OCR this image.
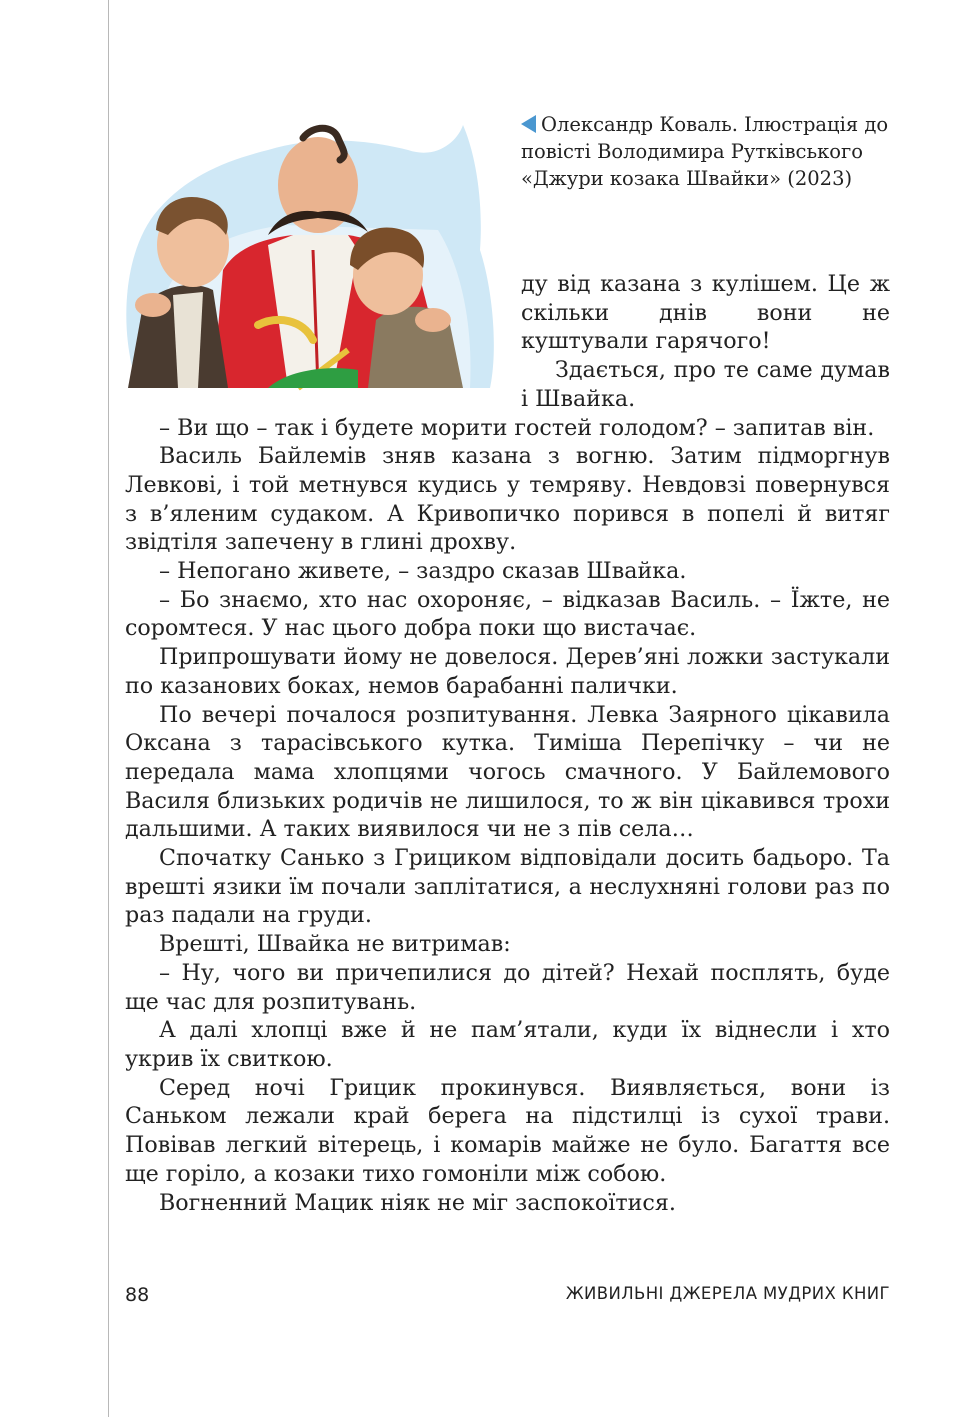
Олександр Коваль. Ілюстрація до повісті Володимира Рутківського «Джури козака Швайки» (2023)

ду від казана з кулішем. Це ж скільки днів вони не куштували гарячого!

Здається, про те саме думав і Швайка.

– Ви що – так і будете морити гостей голодом? – запитав він.

Василь Байлемів зняв казана з вогню. Затим підморгнув Левкові, і той метнувся кудись у темряву. Невдовзі повернувся з в’яленим судаком. А Кривопичко порився в попелі й витяг звідтіля запечену в глині дрохву.

– Непогано живете, – заздро сказав Швайка.

– Бо знаємо, хто нас охороняє, – відказав Василь. – Їжте, не соромтеся. У нас цього добра поки що вистачає.

Припрошувати йому не довелося. Дерев’яні ложки застукали по казанових боках, немов барабанні палички.

По вечері почалося розпитування. Левка Заярного цікавила Оксана з тарасівського кутка. Тиміша Перепічку – чи не передала мама хлопцями чогось смачного. У Байлемового Василя близьких родичів не лишилося, то ж він цікавився трохи дальшими. А таких виявилося чи не з пів села…

Спочатку Санько з Грициком відповідали досить бадьоро. Та врешті язики їм почали заплітатися, а неслухняні голови раз по раз падали на груди.

Врешті, Швайка не витримав:

– Ну, чого ви причепилися до дітей? Нехай посплять, буде ще час для розпитувань.

А далі хлопці вже й не пам’ятали, куди їх віднесли і хто укрив їх свиткою.

Серед ночі Грицик прокинувся. Виявляється, вони із Саньком лежали край берега на підстилці із сухої трави. Повівав легкий вітерець, і комарів майже не було. Багаття все ще горіло, а козаки тихо гомоніли між собою.

Вогненний Мацик ніяк не міг заспокоїтися.

88	ЖИВИЛЬНІ ДЖЕРЕЛА МУДРИХ КНИГ
